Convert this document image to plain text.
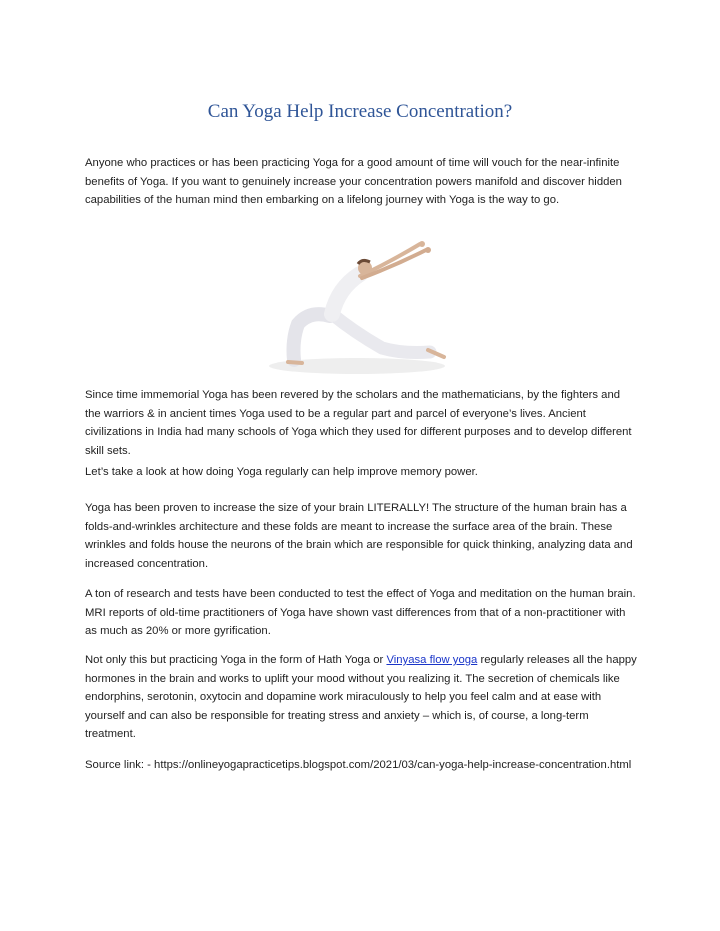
Can Yoga Help Increase Concentration?

Anyone who practices or has been practicing Yoga for a good amount of time will vouch for the near-infinite benefits of Yoga. If you want to genuinely increase your concentration powers manifold and discover hidden capabilities of the human mind then embarking on a lifelong journey with Yoga is the way to go.

Since time immemorial Yoga has been revered by the scholars and the mathematicians, by the fighters and the warriors & in ancient times Yoga used to be a regular part and parcel of everyone’s lives. Ancient civilizations in India had many schools of Yoga which they used for different purposes and to develop different skill sets.

Let’s take a look at how doing Yoga regularly can help improve memory power.

Yoga has been proven to increase the size of your brain LITERALLY! The structure of the human brain has a folds-and-wrinkles architecture and these folds are meant to increase the surface area of the brain. These wrinkles and folds house the neurons of the brain which are responsible for quick thinking, analyzing data and increased concentration.

A ton of research and tests have been conducted to test the effect of Yoga and meditation on the human brain. MRI reports of old-time practitioners of Yoga have shown vast differences from that of a non-practitioner with as much as 20% or more gyrification.

Not only this but practicing Yoga in the form of Hath Yoga or Vinyasa flow yoga regularly releases all the happy hormones in the brain and works to uplift your mood without you realizing it. The secretion of chemicals like endorphins, serotonin, oxytocin and dopamine work miraculously to help you feel calm and at ease with yourself and can also be responsible for treating stress and anxiety – which is, of course, a long-term treatment.

Source link: - https://onlineyogapracticetips.blogspot.com/2021/03/can-yoga-help-increase-concentration.html
